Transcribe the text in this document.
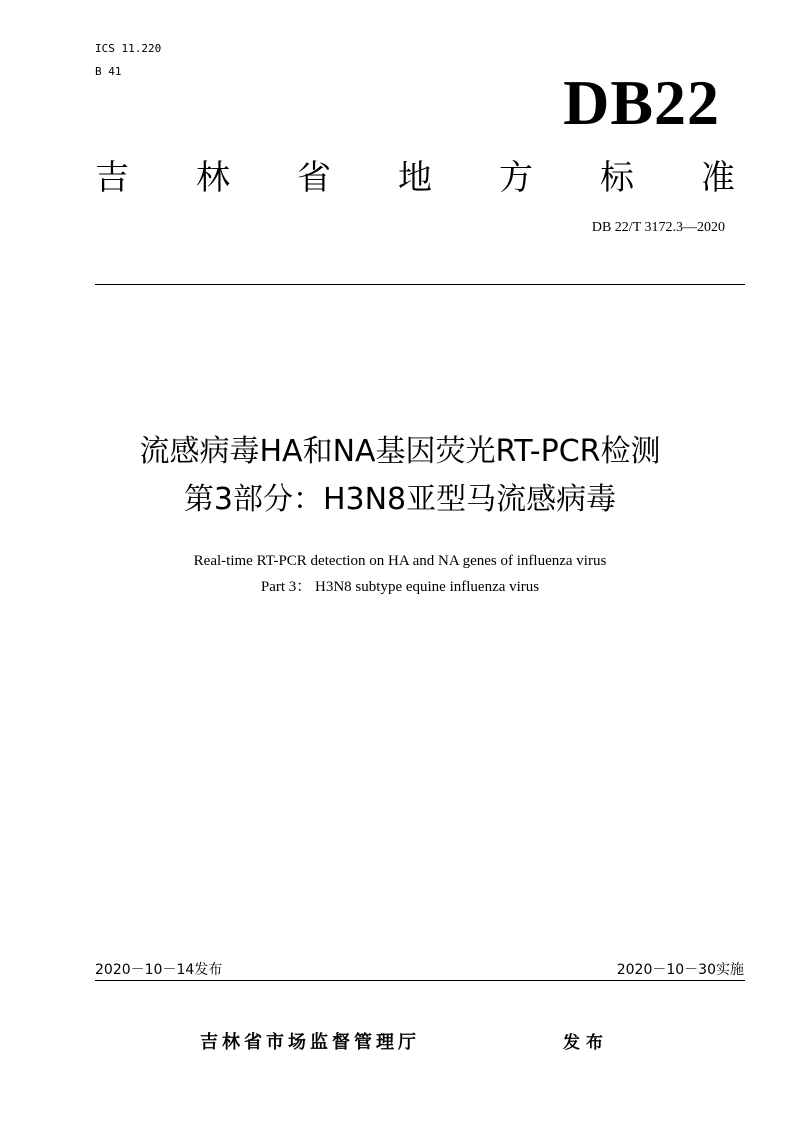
ICS 11.220
B 41	DB22
吉 林 省 地 方 标 准
DB 22/T 3172.3—2020
流感病毒HA和NA基因荧光RT-PCR检测
第3部分：H3N8亚型马流感病毒
Real-time RT-PCR detection on HA and NA genes of influenza virus
Part 3： H3N8 subtype equine influenza virus
2020－10－14发布	2020－10－30实施
吉林省市场监督管理厅	发布
